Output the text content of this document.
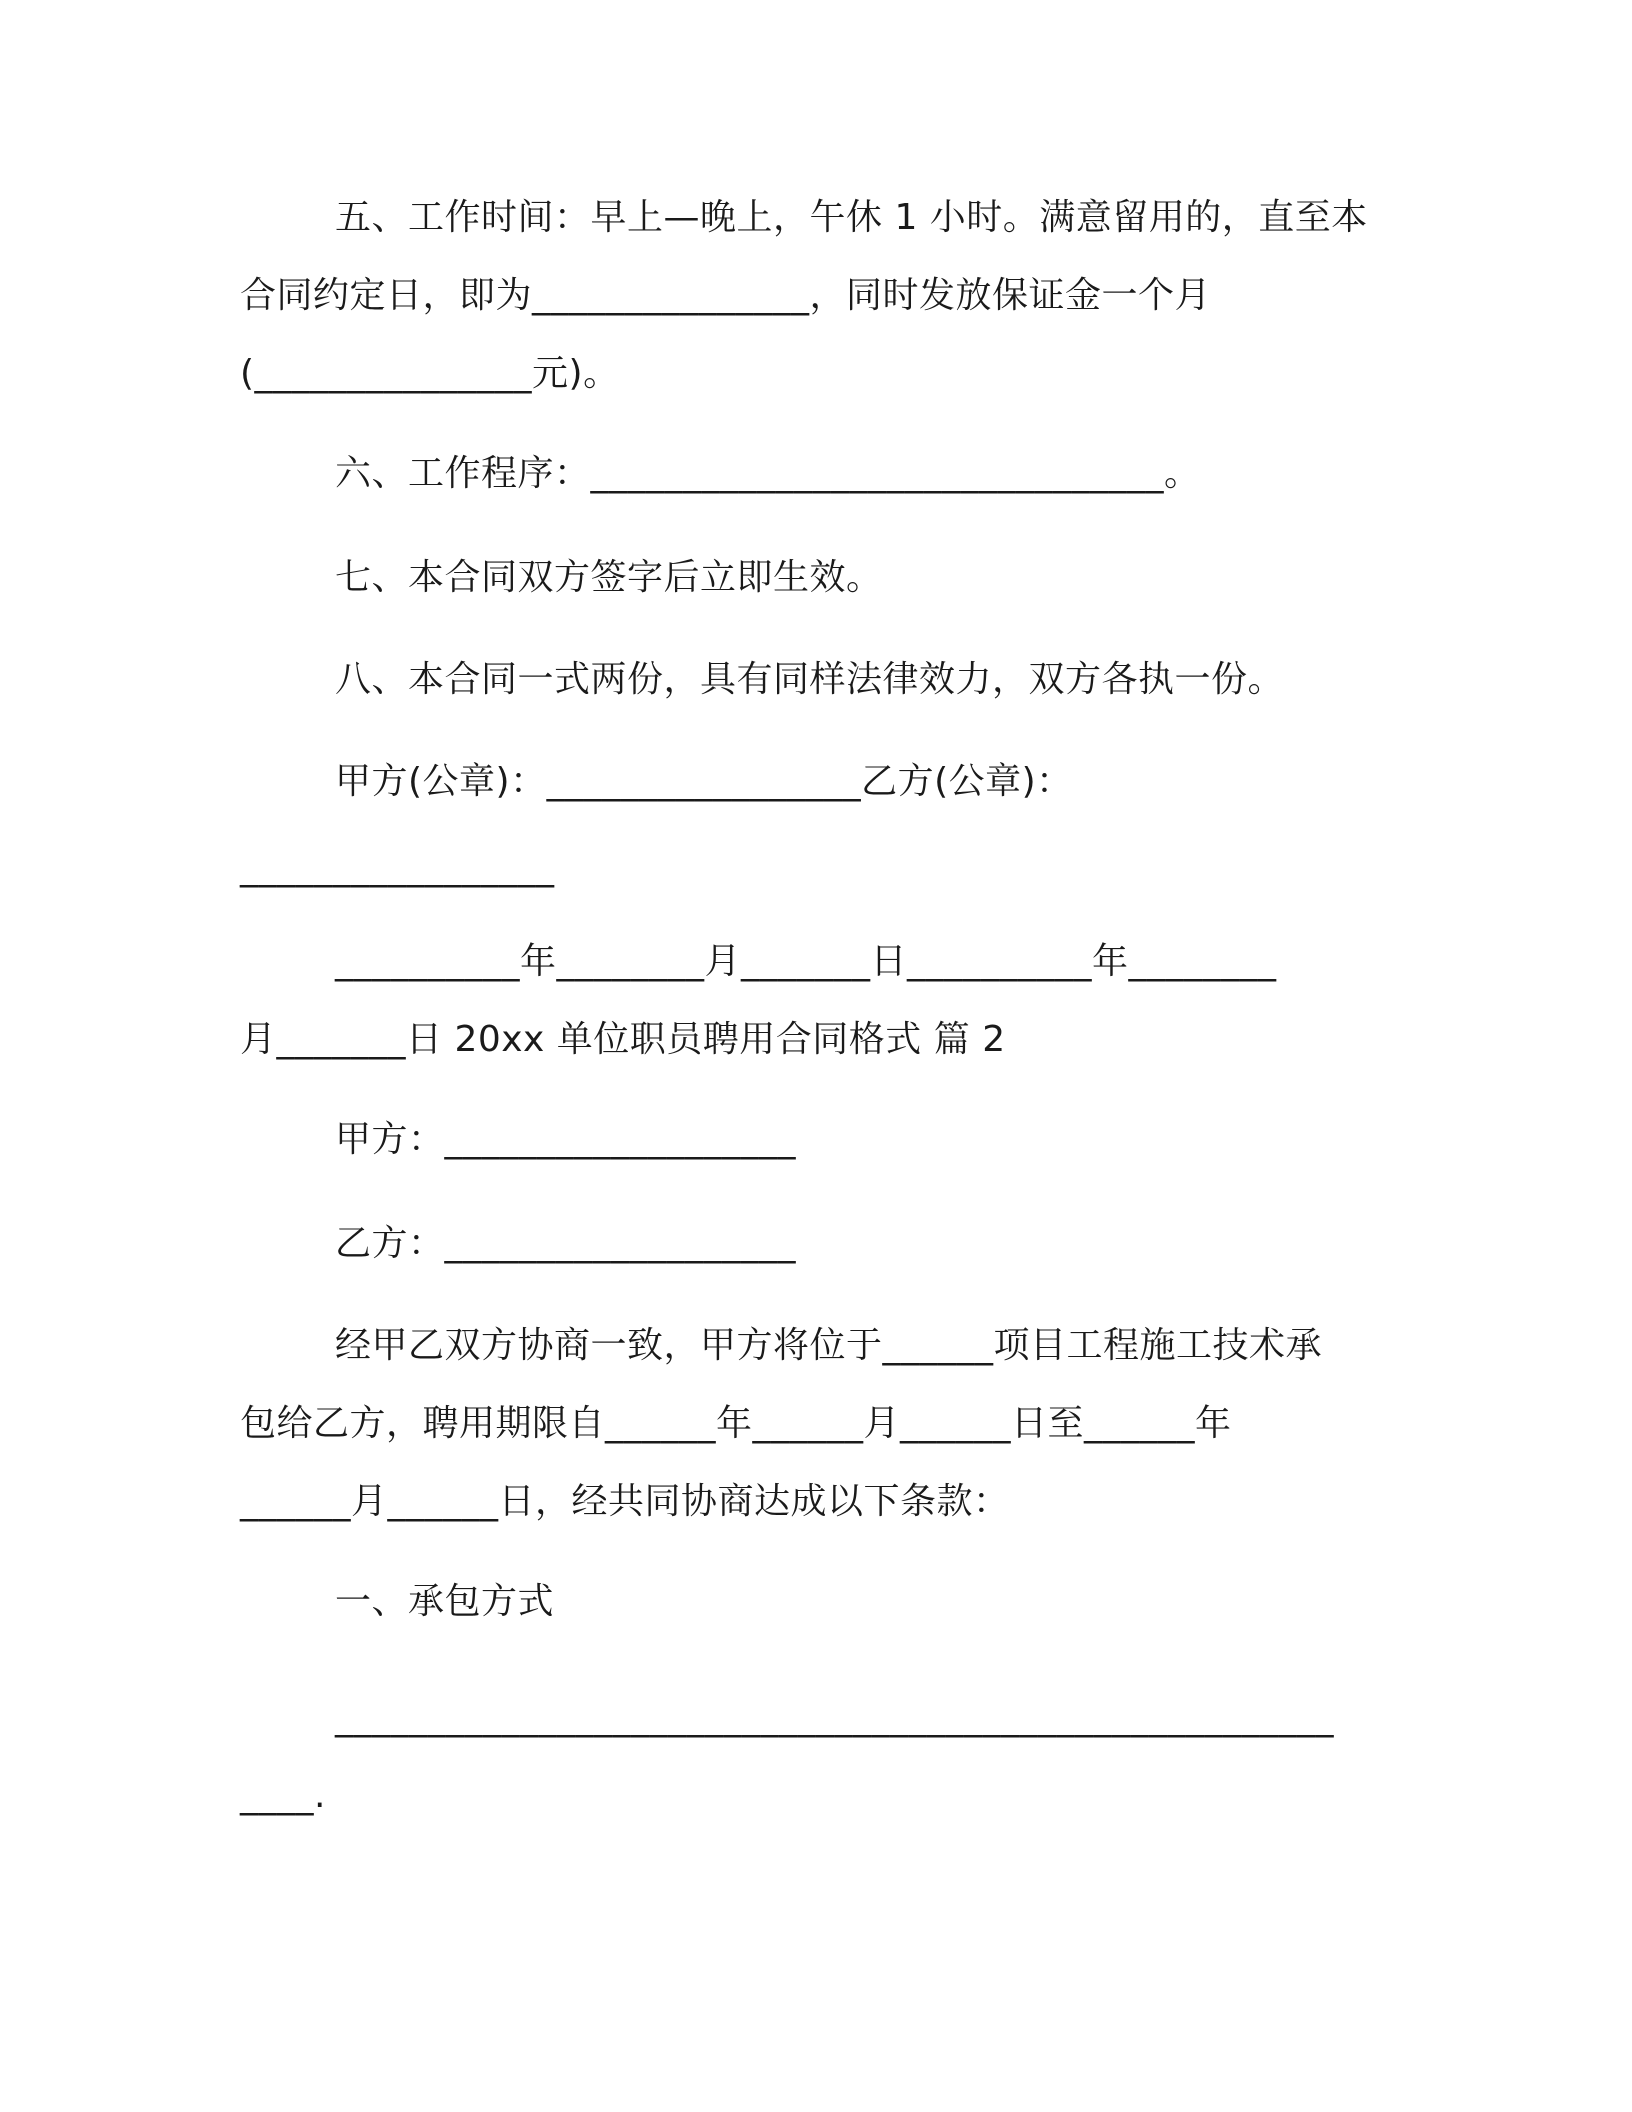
五、工作时间：早上—晚上，午休 1 小时。满意留用的，直至本
合同约定日，即为_______________，同时发放保证金一个月
(_______________元)。
六、工作程序：_______________________________。
七、本合同双方签字后立即生效。
八、本合同一式两份，具有同样法律效力，双方各执一份。
甲方(公章)：_________________乙方(公章)：
_________________
__________年________月_______日__________年________
月_______日 20xx 单位职员聘用合同格式 篇 2
甲方：___________________
乙方：___________________
经甲乙双方协商一致，甲方将位于______项目工程施工技术承
包给乙方，聘用期限自______年______月______日至______年
______月______日，经共同协商达成以下条款：
一、承包方式
______________________________________________________
____.
